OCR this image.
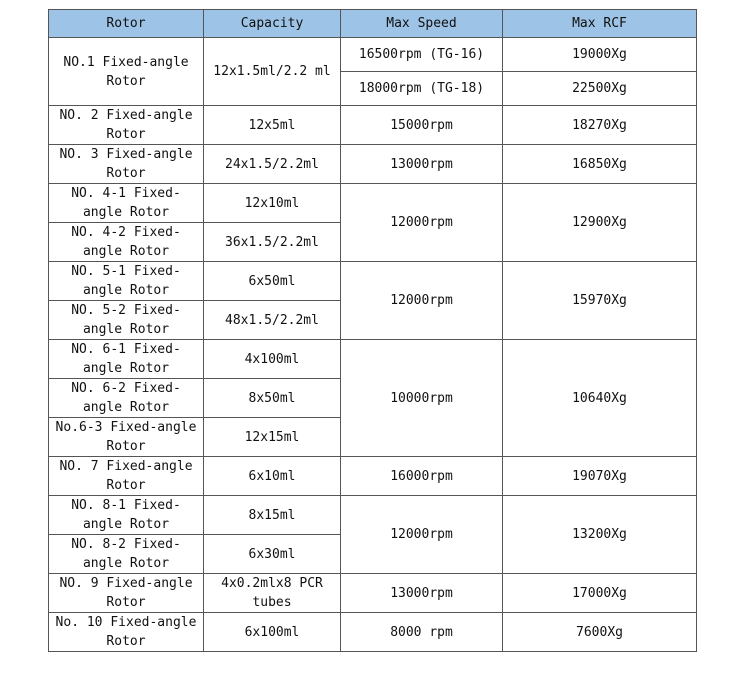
Rotor	Capacity	Max Speed	Max RCF
NO.1 Fixed-angle Rotor	12x1.5ml/2.2 ml	16500rpm (TG-16)	19000Xg
		18000rpm (TG-18)	22500Xg
NO. 2 Fixed-angle Rotor	12x5ml	15000rpm	18270Xg
NO. 3 Fixed-angle Rotor	24x1.5/2.2ml	13000rpm	16850Xg
NO. 4-1 Fixed-angle Rotor	12x10ml	12000rpm	12900Xg
NO. 4-2 Fixed-angle Rotor	36x1.5/2.2ml		
NO. 5-1 Fixed-angle Rotor	6x50ml	12000rpm	15970Xg
NO. 5-2 Fixed-angle Rotor	48x1.5/2.2ml		
NO. 6-1 Fixed-angle Rotor	4x100ml	10000rpm	10640Xg
NO. 6-2 Fixed-angle Rotor	8x50ml		
No.6-3 Fixed-angle Rotor	12x15ml		
NO. 7 Fixed-angle Rotor	6x10ml	16000rpm	19070Xg
NO. 8-1 Fixed-angle Rotor	8x15ml	12000rpm	13200Xg
NO. 8-2 Fixed-angle Rotor	6x30ml		
NO. 9 Fixed-angle Rotor	4x0.2mlx8 PCR tubes	13000rpm	17000Xg
No. 10 Fixed-angle Rotor	6x100ml	8000 rpm	7600Xg
